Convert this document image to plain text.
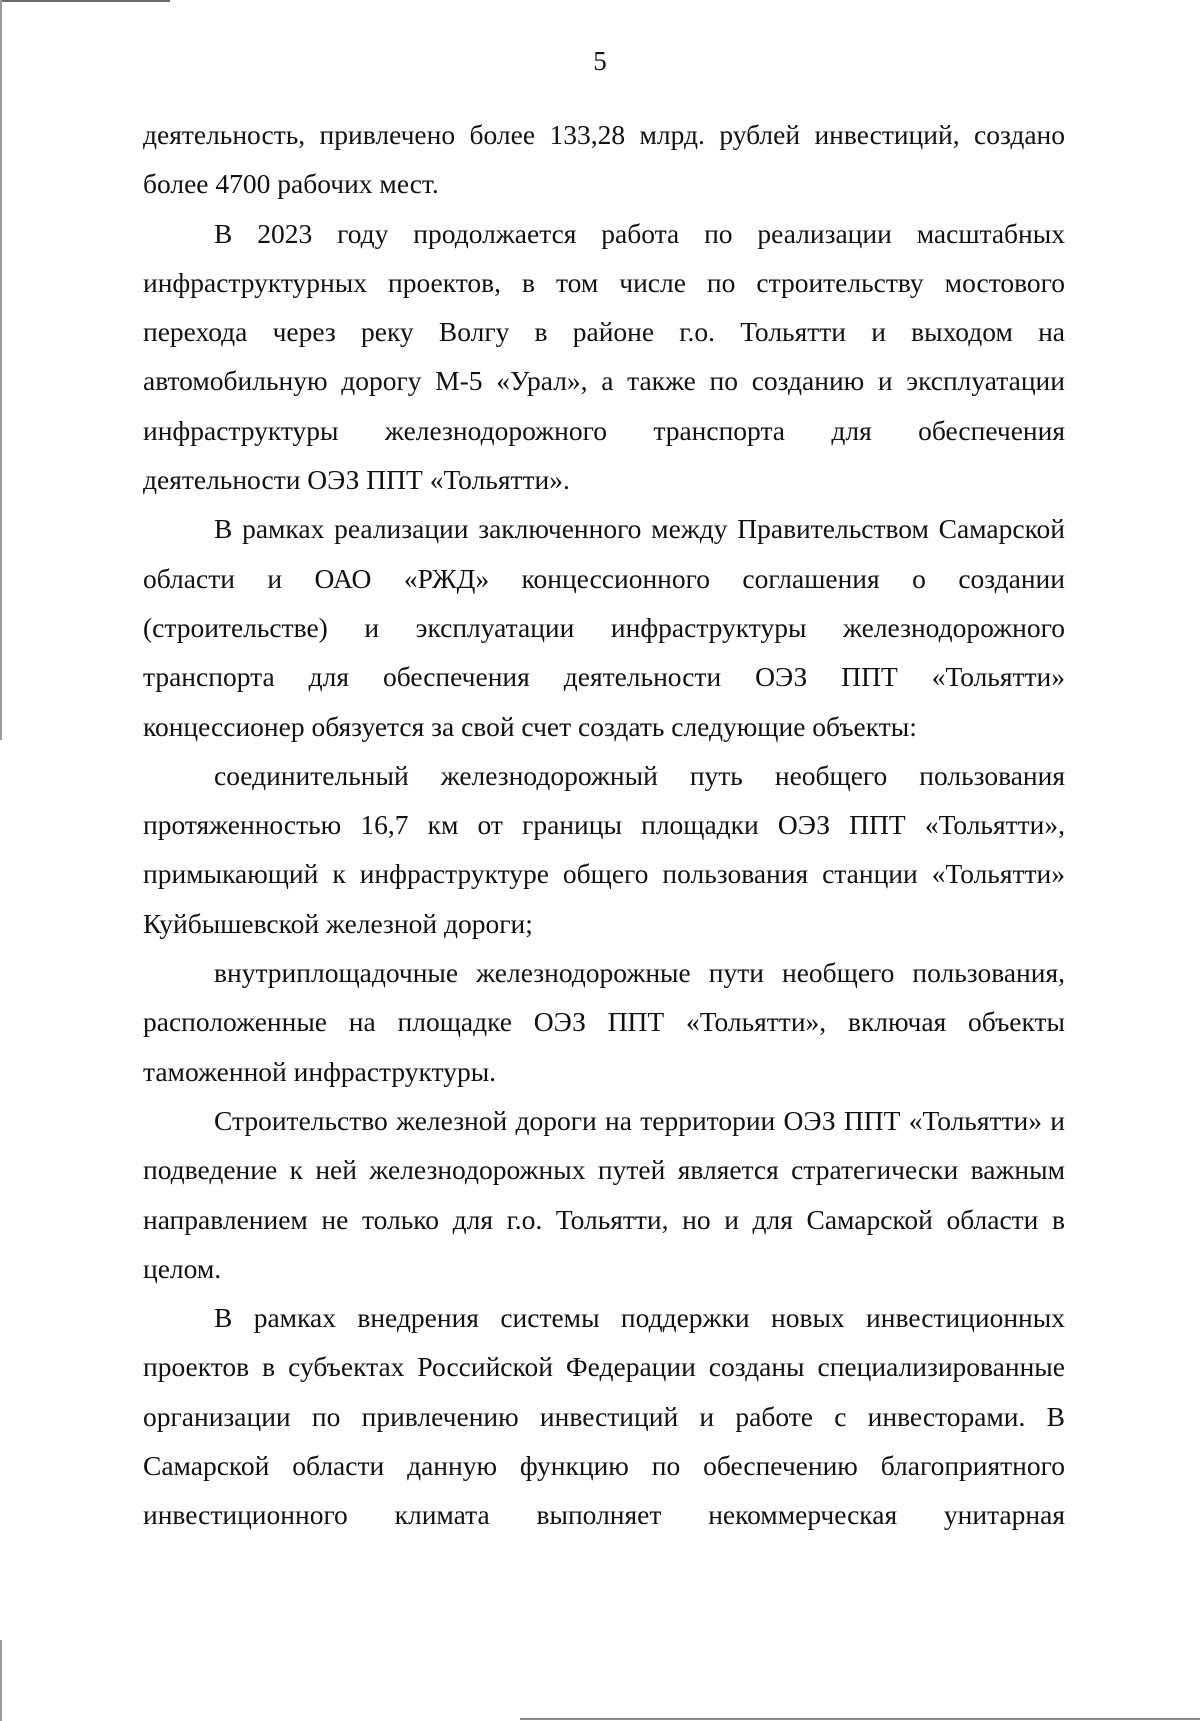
5

деятельность, привлечено более 133,28 млрд. рублей инвестиций, создано более 4700 рабочих мест.

В 2023 году продолжается работа по реализации масштабных инфраструктурных проектов, в том числе по строительству мостового перехода через реку Волгу в районе г.о. Тольятти и выходом на автомобильную дорогу М-5 «Урал», а также по созданию и эксплуатации инфраструктуры железнодорожного транспорта для обеспечения деятельности ОЭЗ ППТ «Тольятти».

В рамках реализации заключенного между Правительством Самарской области и ОАО «РЖД» концессионного соглашения о создании (строительстве) и эксплуатации инфраструктуры железнодорожного транспорта для обеспечения деятельности ОЭЗ ППТ «Тольятти» концессионер обязуется за свой счет создать следующие объекты:

соединительный железнодорожный путь необщего пользования протяженностью 16,7 км от границы площадки ОЭЗ ППТ «Тольятти», примыкающий к инфраструктуре общего пользования станции «Тольятти» Куйбышевской железной дороги;

внутриплощадочные железнодорожные пути необщего пользования, расположенные на площадке ОЭЗ ППТ «Тольятти», включая объекты таможенной инфраструктуры.

Строительство железной дороги на территории ОЭЗ ППТ «Тольятти» и подведение к ней железнодорожных путей является стратегически важным направлением не только для г.о. Тольятти, но и для Самарской области в целом.

В рамках внедрения системы поддержки новых инвестиционных проектов в субъектах Российской Федерации созданы специализированные организации по привлечению инвестиций и работе с инвесторами. В Самарской области данную функцию по обеспечению благоприятного инвестиционного климата выполняет некоммерческая унитарная
